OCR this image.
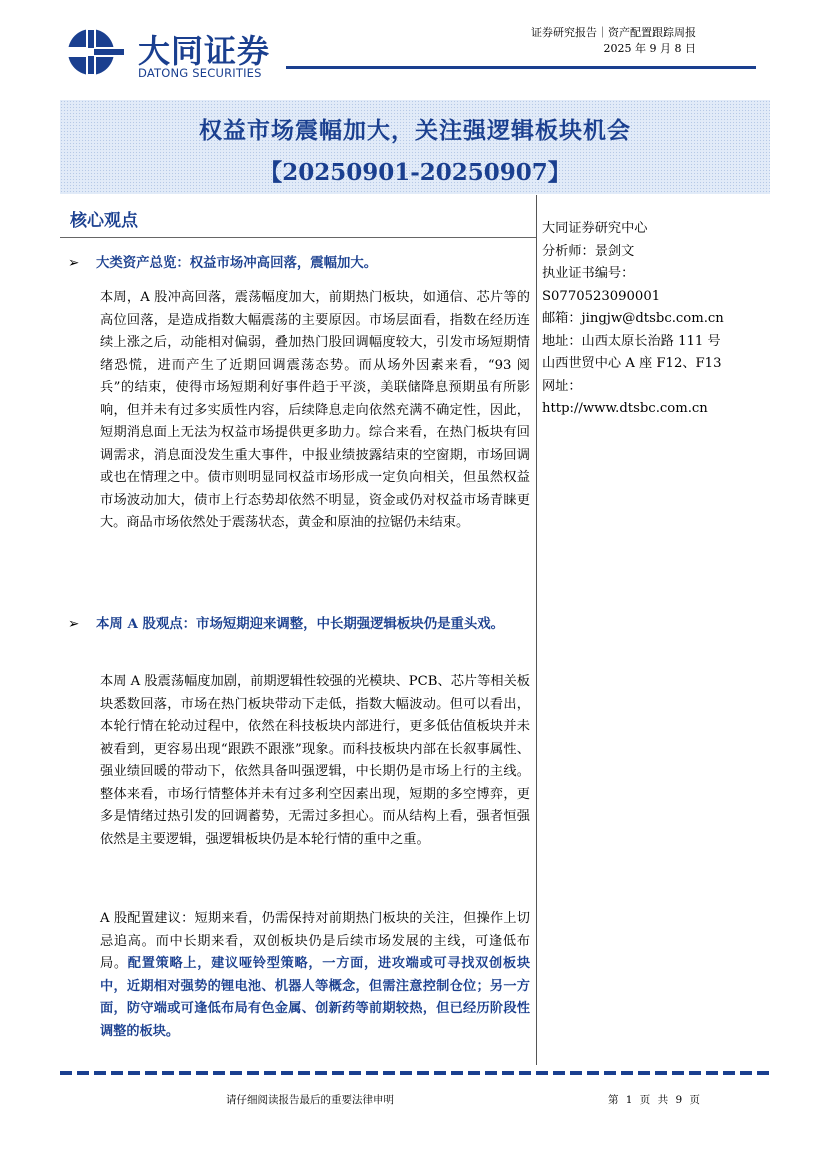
大同证券
DATONG SECURITIES
证券研究报告｜资产配置跟踪周报
2025 年 9 月 8 日
权益市场震幅加大，关注强逻辑板块机会
【20250901-20250907】
大同证券研究中心
分析师：景剑文
执业证书编号：
S0770523090001
邮箱：jingjw@dtsbc.com.cn
地址：山西太原长治路 111 号
山西世贸中心 A 座 F12、F13
网址：
http://www.dtsbc.com.cn
核心观点
➢	大类资产总览：权益市场冲高回落，震幅加大。
本周，A 股冲高回落，震荡幅度加大，前期热门板块，如通信、芯片等的高位回落，是造成指数大幅震荡的主要原因。市场层面看，指数在经历连续上涨之后，动能相对偏弱，叠加热门股回调幅度较大，引发市场短期情绪恐慌，进而产生了近期回调震荡态势。而从场外因素来看，“93 阅兵”的结束，使得市场短期利好事件趋于平淡，美联储降息预期虽有所影响，但并未有过多实质性内容，后续降息走向依然充满不确定性，因此，短期消息面上无法为权益市场提供更多助力。综合来看，在热门板块有回调需求，消息面没发生重大事件，中报业绩披露结束的空窗期，市场回调或也在情理之中。债市则明显同权益市场形成一定负向相关，但虽然权益市场波动加大，债市上行态势却依然不明显，资金或仍对权益市场青睐更大。商品市场依然处于震荡状态，黄金和原油的拉锯仍未结束。
➢	本周 A 股观点：市场短期迎来调整，中长期强逻辑板块仍是重头戏。
本周 A 股震荡幅度加剧，前期逻辑性较强的光模块、PCB、芯片等相关板块悉数回落，市场在热门板块带动下走低，指数大幅波动。但可以看出，本轮行情在轮动过程中，依然在科技板块内部进行，更多低估值板块并未被看到，更容易出现“跟跌不跟涨”现象。而科技板块内部在长叙事属性、强业绩回暖的带动下，依然具备叫强逻辑，中长期仍是市场上行的主线。整体来看，市场行情整体并未有过多利空因素出现，短期的多空博弈，更多是情绪过热引发的回调蓄势，无需过多担心。而从结构上看，强者恒强依然是主要逻辑，强逻辑板块仍是本轮行情的重中之重。
A 股配置建议：短期来看，仍需保持对前期热门板块的关注，但操作上切忌追高。而中长期来看，双创板块仍是后续市场发展的主线，可逢低布局。配置策略上，建议哑铃型策略，一方面，进攻端或可寻找双创板块中，近期相对强势的锂电池、机器人等概念，但需注意控制仓位；另一方面，防守端或可逢低布局有色金属、创新药等前期较热，但已经历阶段性调整的板块。
请仔细阅读报告最后的重要法律申明	第 1 页 共 9 页
